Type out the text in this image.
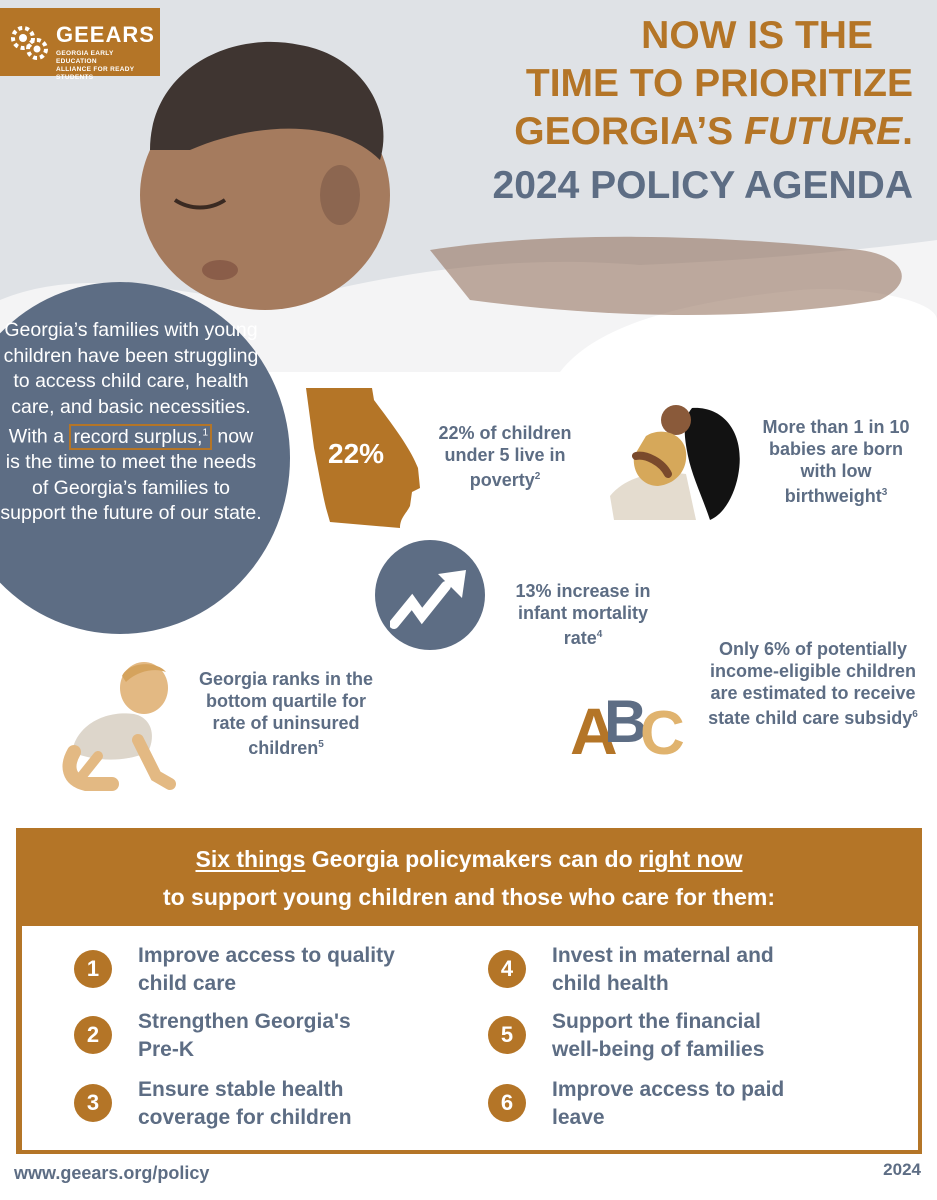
GEEARS
GEORGIA EARLY EDUCATION
ALLIANCE FOR READY STUDENTS
NOW IS THE
TIME TO PRIORITIZE
GEORGIA’S FUTURE.
2024 POLICY AGENDA
Georgia’s families with young children have been struggling to access child care, health care, and basic necessities. With a record surplus,$^1$ now is the time to meet the needs of Georgia’s families to support the future of our state.
22%
22% of children under 5 live in poverty$^2$
More than 1 in 10 babies are born with low birthweight$^3$
13% increase in infant mortality rate$^4$
Georgia ranks in the bottom quartile for rate of uninsured children$^5$	A
B
C
Only 6% of potentially income-eligible children are estimated to receive state child care subsidy$^6$
Six things Georgia policymakers can do right now
to support young children and those who care for them:
1
Improve access to quality
child care
2
Strengthen Georgia's
Pre-K
3
Ensure stable health
coverage for children
4
Invest in maternal and
child health
5
Support the financial
well-being of families
6
Improve access to paid
leave
www.geears.org/policy	2024
